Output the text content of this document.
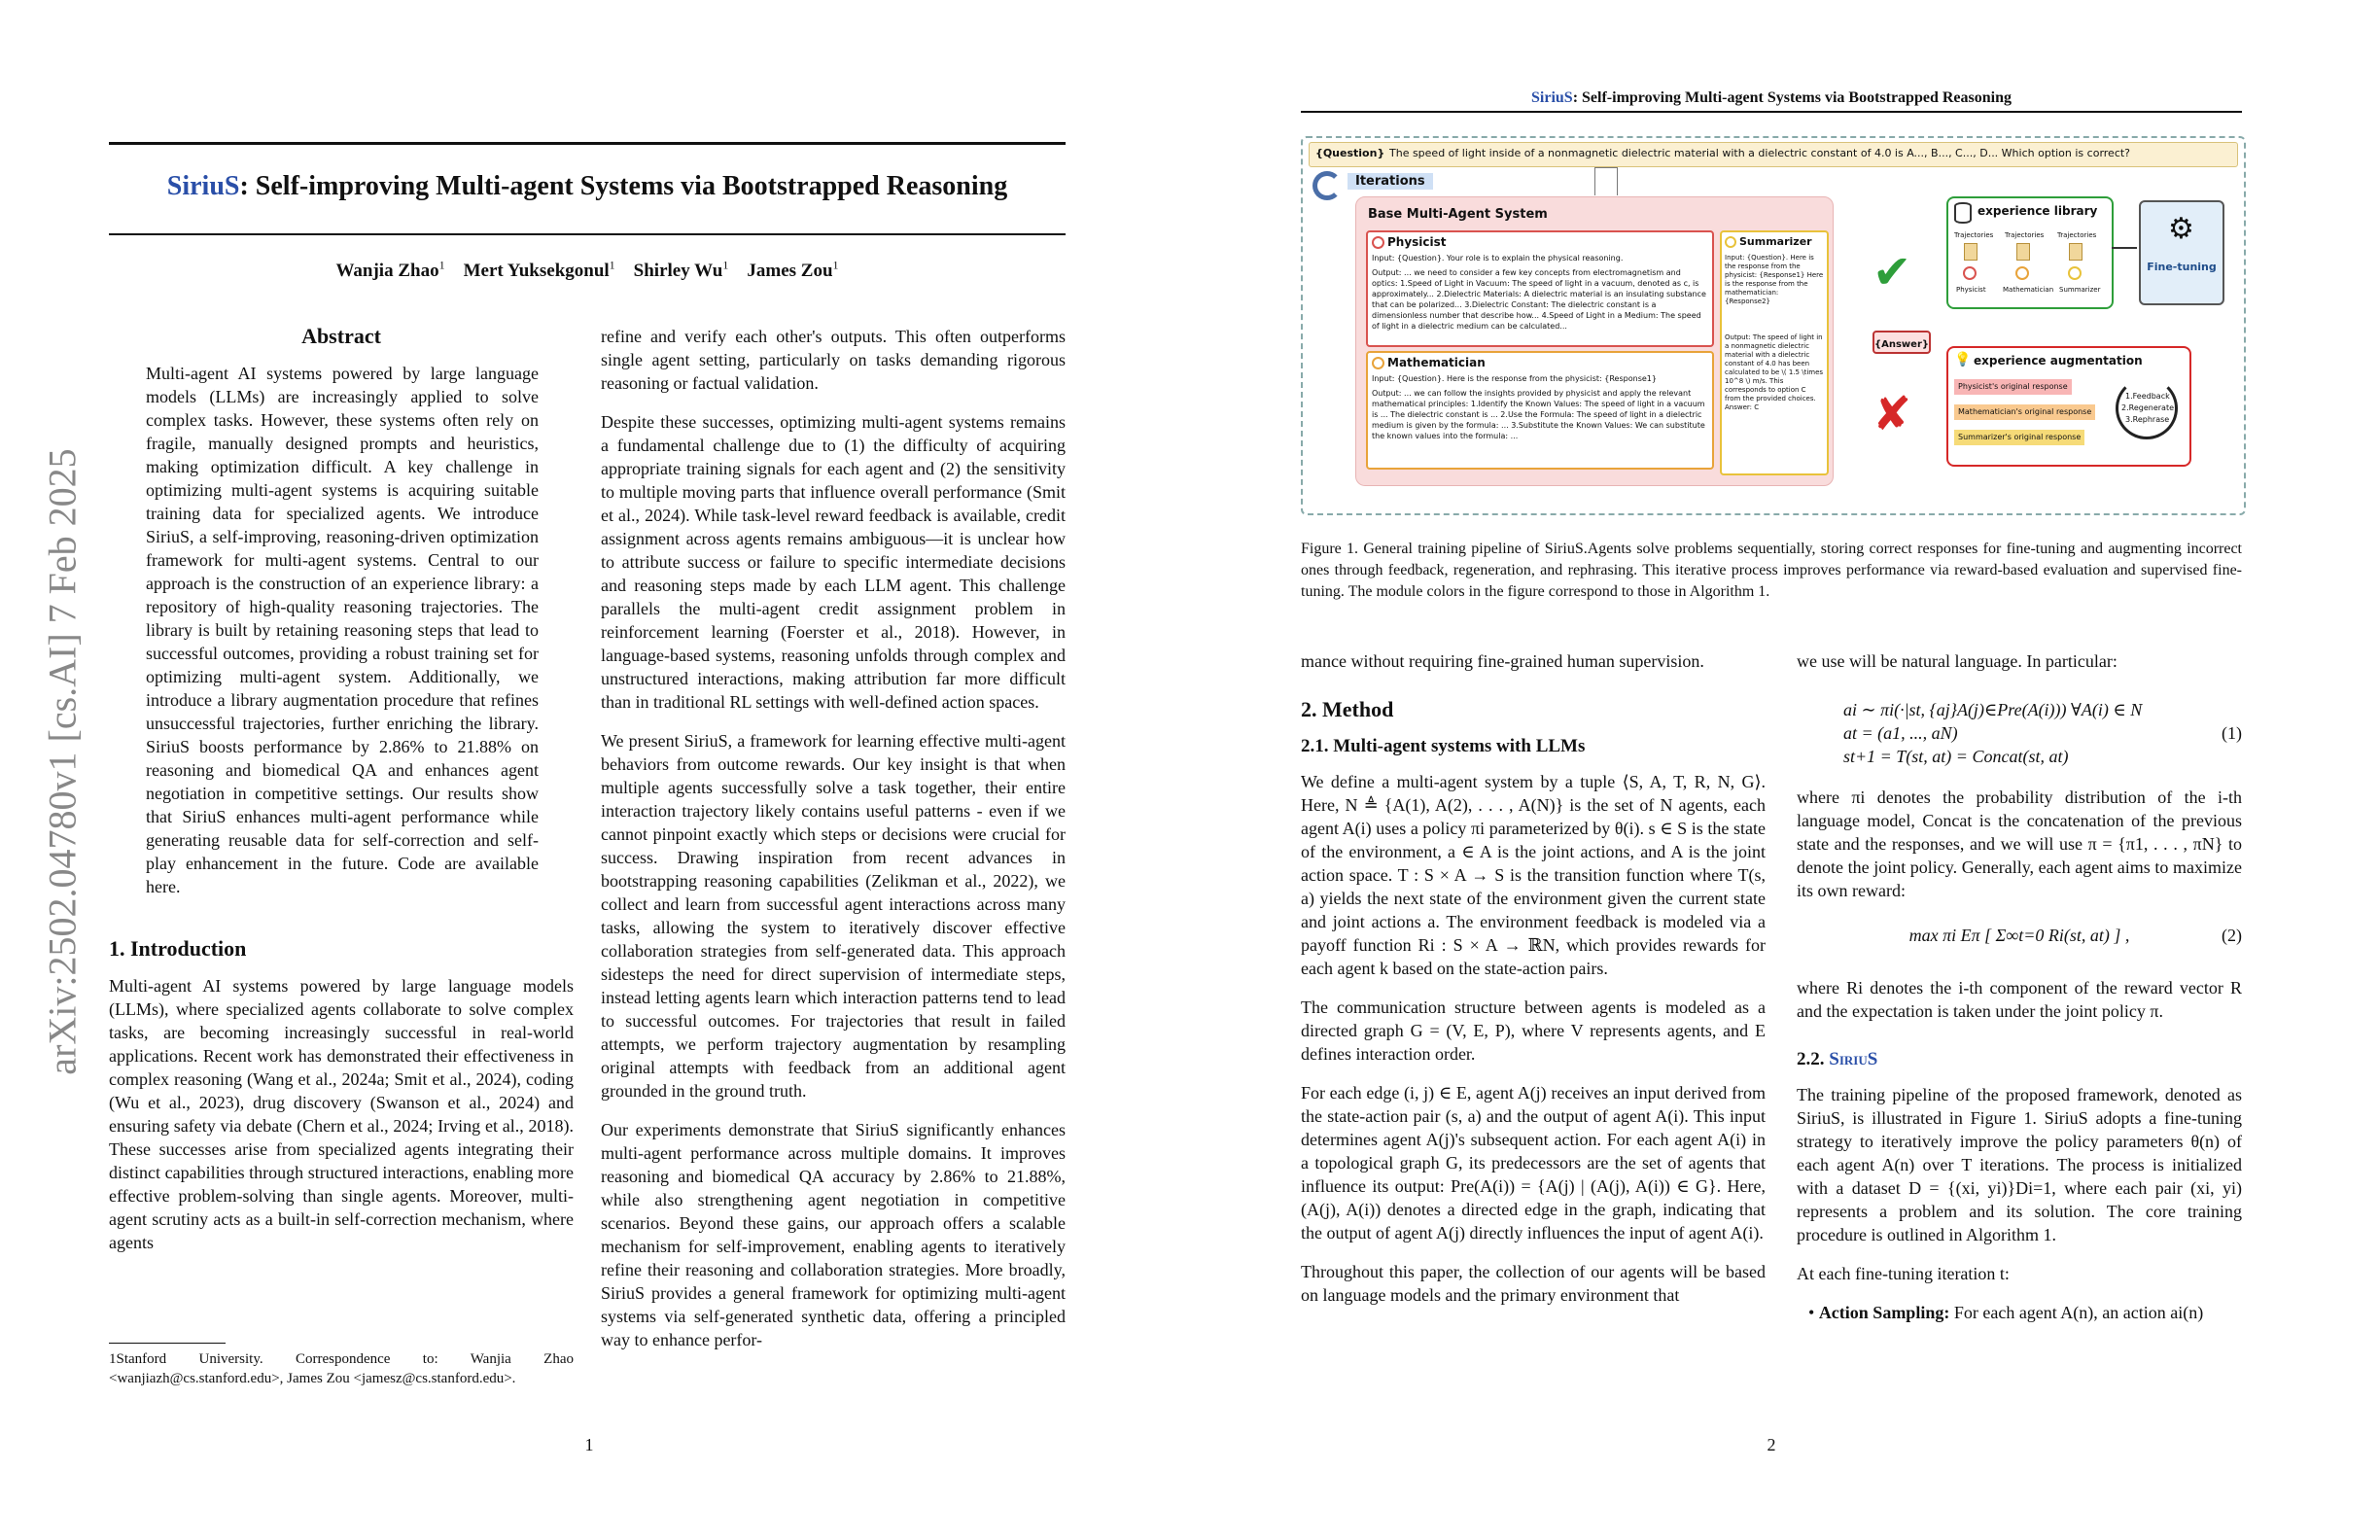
arXiv:2502.04780v1 [cs.AI] 7 Feb 2025
SiriuS: Self-improving Multi-agent Systems via Bootstrapped Reasoning
Wanjia Zhao$^1$ Mert Yuksekgonul$^1$ Shirley Wu$^1$ James Zou$^1$
Abstract

Multi-agent AI systems powered by large language models (LLMs) are increasingly applied to solve complex tasks. However, these systems often rely on fragile, manually designed prompts and heuristics, making optimization difficult. A key challenge in optimizing multi-agent systems is acquiring suitable training data for specialized agents. We introduce SiriuS, a self-improving, reasoning-driven optimization framework for multi-agent systems. Central to our approach is the construction of an experience library: a repository of high-quality reasoning trajectories. The library is built by retaining reasoning steps that lead to successful outcomes, providing a robust training set for optimizing multi-agent system. Additionally, we introduce a library augmentation procedure that refines unsuccessful trajectories, further enriching the library. SiriuS boosts performance by 2.86% to 21.88% on reasoning and biomedical QA and enhances agent negotiation in competitive settings. Our results show that SiriuS enhances multi-agent performance while generating reusable data for self-correction and self-play enhancement in the future. Code are available here.

1. Introduction

Multi-agent AI systems powered by large language models (LLMs), where specialized agents collaborate to solve complex tasks, are becoming increasingly successful in real-world applications. Recent work has demonstrated their effectiveness in complex reasoning (Wang et al., 2024a; Smit et al., 2024), coding (Wu et al., 2023), drug discovery (Swanson et al., 2024) and ensuring safety via debate (Chern et al., 2024; Irving et al., 2018). These successes arise from specialized agents integrating their distinct capabilities through structured interactions, enabling more effective problem-solving than single agents. Moreover, multi-agent scrutiny acts as a built-in self-correction mechanism, where agents

1Stanford University. Correspondence to: Wanjia Zhao <wanjiazh@cs.stanford.edu>, James Zou <jamesz@cs.stanford.edu>.

refine and verify each other's outputs. This often outperforms single agent setting, particularly on tasks demanding rigorous reasoning or factual validation.

Despite these successes, optimizing multi-agent systems remains a fundamental challenge due to (1) the difficulty of acquiring appropriate training signals for each agent and (2) the sensitivity to multiple moving parts that influence overall performance (Smit et al., 2024). While task-level reward feedback is available, credit assignment across agents remains ambiguous—it is unclear how to attribute success or failure to specific intermediate decisions and reasoning steps made by each LLM agent. This challenge parallels the multi-agent credit assignment problem in reinforcement learning (Foerster et al., 2018). However, in language-based systems, reasoning unfolds through complex and unstructured interactions, making attribution far more difficult than in traditional RL settings with well-defined action spaces.

We present SiriuS, a framework for learning effective multi-agent behaviors from outcome rewards. Our key insight is that when multiple agents successfully solve a task together, their entire interaction trajectory likely contains useful patterns - even if we cannot pinpoint exactly which steps or decisions were crucial for success. Drawing inspiration from recent advances in bootstrapping reasoning capabilities (Zelikman et al., 2022), we collect and learn from successful agent interactions across many tasks, allowing the system to iteratively discover effective collaboration strategies from self-generated data. This approach sidesteps the need for direct supervision of intermediate steps, instead letting agents learn which interaction patterns tend to lead to successful outcomes. For trajectories that result in failed attempts, we perform trajectory augmentation by resampling original attempts with feedback from an additional agent grounded in the ground truth.

Our experiments demonstrate that SiriuS significantly enhances multi-agent performance across multiple domains. It improves reasoning and biomedical QA accuracy by 2.86% to 21.88%, while also strengthening agent negotiation in competitive scenarios. Beyond these gains, our approach offers a scalable mechanism for self-improvement, enabling agents to iteratively refine their reasoning and collaboration strategies. More broadly, SiriuS provides a general framework for optimizing multi-agent systems via self-generated synthetic data, offering a principled way to enhance perfor-

1
SiriuS: Self-improving Multi-agent Systems via Bootstrapped Reasoning
{Question} The speed of light inside of a nonmagnetic dielectric material with a dielectric constant of 4.0 is A..., B..., C..., D... Which option is correct?
Iterations
Base Multi-Agent System
Physicist
Input: {Question}. Your role is to explain the physical reasoning.
Output: ... we need to consider a few key concepts from electromagnetism and optics: 1.Speed of Light in Vacuum: The speed of light in a vacuum, denoted as c, is approximately... 2.Dielectric Materials: A dielectric material is an insulating substance that can be polarized... 3.Dielectric Constant: The dielectric constant is a dimensionless number that describe how... 4.Speed of Light in a Medium: The speed of light in a dielectric medium can be calculated...
Mathematician
Input: {Question}. Here is the response from the physicist: {Response1}
Output: ... we can follow the insights provided by physicist and apply the relevant mathematical principles: 1.Identify the Known Values: The speed of light in a vacuum is ... The dielectric constant is ... 2.Use the Formula: The speed of light in a dielectric medium is given by the formula: ... 3.Substitute the Known Values: We can substitute the known values into the formula: ...
Summarizer
Input: {Question}. Here is the response from the physicist: {Response1} Here is the response from the mathematician: {Response2}
Output: The speed of light in a nonmagnetic dielectric material with a dielectric constant of 4.0 has been calculated to be \( 1.5 \times 10^8 \) m/s. This corresponds to option C from the provided choices. Answer: C
{Answer}
✔
✘
experience library
Trajectories Trajectories Trajectories
Physicist Mathematician Summarizer
⚙
Fine-tuning
💡 experience augmentation
Physicist's original response
Mathematician's original response
Summarizer's original response
1.Feedback
2.Regenerate
3.Rephrase
Figure 1. General training pipeline of SiriuS.Agents solve problems sequentially, storing correct responses for fine-tuning and augmenting incorrect ones through feedback, regeneration, and rephrasing. This iterative process improves performance via reward-based evaluation and supervised fine-tuning. The module colors in the figure correspond to those in Algorithm 1.

mance without requiring fine-grained human supervision.

2. Method
2.1. Multi-agent systems with LLMs

We define a multi-agent system by a tuple ⟨S, A, T, R, N, G⟩. Here, N ≜ {A(1), A(2), . . . , A(N)} is the set of N agents, each agent A(i) uses a policy πi parameterized by θ(i). s ∈ S is the state of the environment, a ∈ A is the joint actions, and A is the joint action space. T : S × A → S is the transition function where T(s, a) yields the next state of the environment given the current state and joint actions a. The environment feedback is modeled via a payoff function Ri : S × A → ℝN, which provides rewards for each agent k based on the state-action pairs.

The communication structure between agents is modeled as a directed graph G = (V, E, P), where V represents agents, and E defines interaction order.

For each edge (i, j) ∈ E, agent A(j) receives an input derived from the state-action pair (s, a) and the output of agent A(i). This input determines agent A(j)'s subsequent action. For each agent A(i) in a topological graph G, its predecessors are the set of agents that influence its output: Pre(A(i)) = {A(j) | (A(j), A(i)) ∈ G}. Here, (A(j), A(i)) denotes a directed edge in the graph, indicating that the output of agent A(j) directly influences the input of agent A(i).

Throughout this paper, the collection of our agents will be based on language models and the primary environment that

we use will be natural language. In particular:

ai ∼ πi(·|st, {aj}A(j)∈Pre(A(i))) ∀A(i) ∈ N
at = (a1, ..., aN)
st+1 = T(st, at) = Concat(st, at)
(1)

where πi denotes the probability distribution of the i-th language model, Concat is the concatenation of the previous state and the responses, and we will use π = {π1, . . . , πN} to denote the joint policy. Generally, each agent aims to maximize its own reward:

max πi Eπ [ Σ∞t=0 Ri(st, at) ] ,	(2)

where Ri denotes the i-th component of the reward vector R and the expectation is taken under the joint policy π.

2.2. SiriuS

The training pipeline of the proposed framework, denoted as SiriuS, is illustrated in Figure 1. SiriuS adopts a fine-tuning strategy to iteratively improve the policy parameters θ(n) of each agent A(n) over T iterations. The process is initialized with a dataset D = {(xi, yi)}Di=1, where each pair (xi, yi) represents a problem and its solution. The core training procedure is outlined in Algorithm 1.

At each fine-tuning iteration t:

• Action Sampling: For each agent A(n), an action ai(n)

2
